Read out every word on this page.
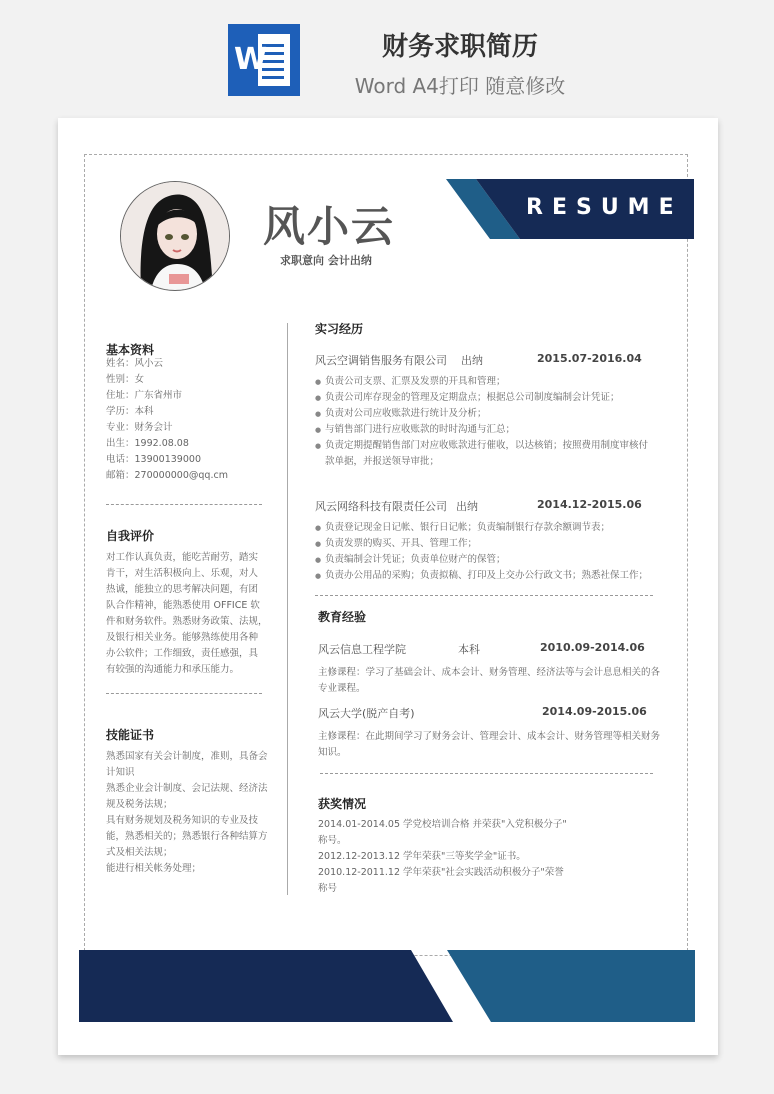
W	财务求职简历
Word A4打印 随意修改
风小云
求职意向 会计出纳
RESUME
基本资料
姓名：风小云
性别：女
住址：广东省州市
学历：本科
专业：财务会计
出生：1992.08.08
电话：13900139000
邮箱：270000000@qq.cm
自我评价
对工作认真负责，能吃苦耐劳，踏实
肯干，对生活积极向上、乐观，对人
热诚，能独立的思考解决问题，有团
队合作精神，能熟悉使用 OFFICE 软
件和财务软件。熟悉财务政策、法规，
及银行相关业务。能够熟练使用各种
办公软件；工作细致，责任感强，具
有较强的沟通能力和承压能力。
技能证书
熟悉国家有关会计制度，准则，具备会
计知识
熟悉企业会计制度、会记法规、经济法
规及税务法规；
具有财务规划及税务知识的专业及技
能，熟悉相关的；熟悉银行各种结算方
式及相关法规；
能进行相关帐务处理；
实习经历
风云空调销售服务有限公司 出纳	2015.07-2016.04
● 负责公司支票、汇票及发票的开具和管理；
● 负责公司库存现金的管理及定期盘点；根据总公司制度编制会计凭证；
● 负责对公司应收账款进行统计及分析；
● 与销售部门进行应收账款的时时沟通与汇总；
● 负责定期提醒销售部门对应收账款进行催收，以达核销；按照费用制度审核付款单据，并报送领导审批；
风云网络科技有限责任公司 出纳	2014.12-2015.06
● 负责登记现金日记帐、银行日记帐；负责编制银行存款余额调节表；
● 负责发票的购买、开具、管理工作；
● 负责编制会计凭证；负责单位财产的保管；
● 负责办公用品的采购；负责拟稿、打印及上交办公行政文书；熟悉社保工作；
教育经验
风云信息工程学院	本科	2010.09-2014.06
主修课程：学习了基础会计、成本会计、财务管理、经济法等与会计息息相关的各专业课程。
风云大学(脱产自考)	2014.09-2015.06
主修课程：在此期间学习了财务会计、管理会计、成本会计、财务管理等相关财务知识。
获奖情况
2014.01-2014.05 学党校培训合格 并荣获"入党积极分子"
称号。
2012.12-2013.12 学年荣获"三等奖学金"证书。
2010.12-2011.12 学年荣获"社会实践活动积极分子"荣誉
称号
